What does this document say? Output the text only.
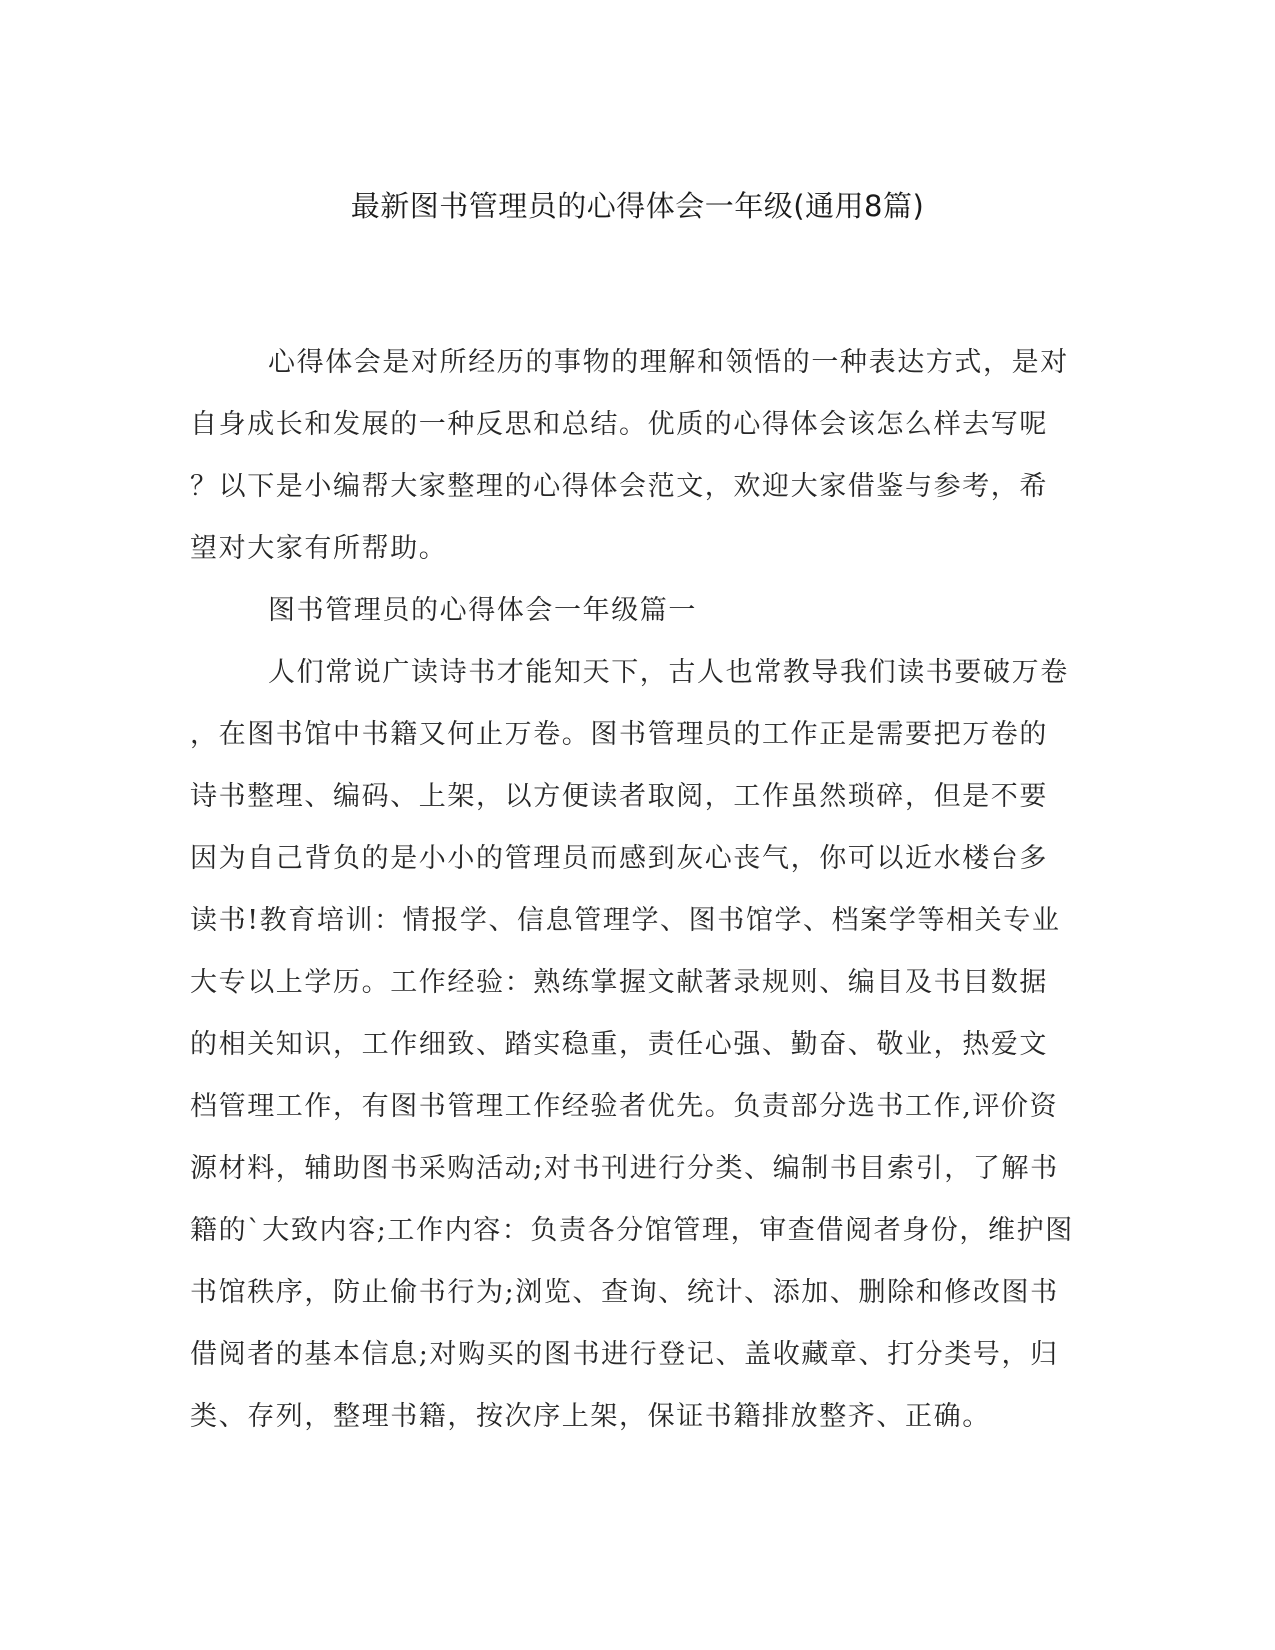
最新图书管理员的心得体会一年级(通用8篇)
心得体会是对所经历的事物的理解和领悟的一种表达方式，是对
自身成长和发展的一种反思和总结。优质的心得体会该怎么样去写呢
？以下是小编帮大家整理的心得体会范文，欢迎大家借鉴与参考，希
望对大家有所帮助。
图书管理员的心得体会一年级篇一
人们常说广读诗书才能知天下，古人也常教导我们读书要破万卷
，在图书馆中书籍又何止万卷。图书管理员的工作正是需要把万卷的
诗书整理、编码、上架，以方便读者取阅，工作虽然琐碎，但是不要
因为自己背负的是小小的管理员而感到灰心丧气，你可以近水楼台多
读书!教育培训：情报学、信息管理学、图书馆学、档案学等相关专业
大专以上学历。工作经验：熟练掌握文献著录规则、编目及书目数据
的相关知识，工作细致、踏实稳重，责任心强、勤奋、敬业，热爱文
档管理工作，有图书管理工作经验者优先。负责部分选书工作,评价资
源材料，辅助图书采购活动;对书刊进行分类、编制书目索引，了解书
籍的`大致内容;工作内容：负责各分馆管理，审查借阅者身份，维护图
书馆秩序，防止偷书行为;浏览、查询、统计、添加、删除和修改图书
借阅者的基本信息;对购买的图书进行登记、盖收藏章、打分类号，归
类、存列，整理书籍，按次序上架，保证书籍排放整齐、正确。
